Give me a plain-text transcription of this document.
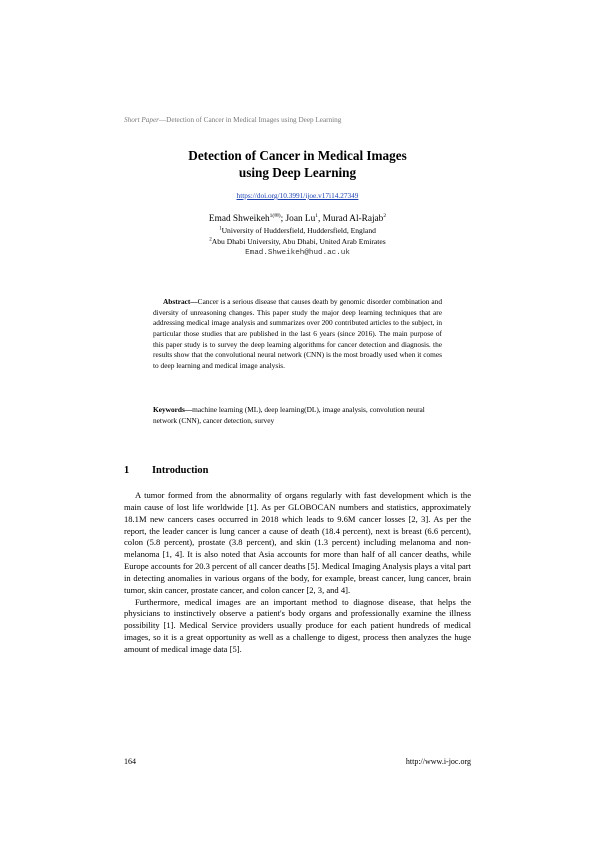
Short Paper—Detection of Cancer in Medical Images using Deep Learning
Detection of Cancer in Medical Images
using Deep Learning
https://doi.org/10.3991/ijoe.v17i14.27349
Emad Shweikeh$^{1(✉)}$; Joan Lu$^1$, Murad Al-Rajab$^2$
$^1$University of Huddersfield, Huddersfield, England
$^2$Abu Dhabi University, Abu Dhabi, United Arab Emirates
Emad.Shweikeh@hud.ac.uk

Abstract—Cancer is a serious disease that causes death by genomic disorder combination and diversity of unreasoning changes. This paper study the major deep learning techniques that are addressing medical image analysis and summarizes over 200 contributed articles to the subject, in particular those studies that are published in the last 6 years (since 2016). The main purpose of this paper study is to survey the deep learning algorithms for cancer detection and diagnosis. the results show that the convolutional neural network (CNN) is the most broadly used when it comes to deep learning and medical image analysis.

Keywords—machine learning (ML), deep learning(DL), image analysis, convolution neural network (CNN), cancer detection, survey
1 Introduction

A tumor formed from the abnormality of organs regularly with fast development which is the main cause of lost life worldwide [1]. As per GLOBOCAN numbers and statistics, approximately 18.1M new cancers cases occurred in 2018 which leads to 9.6M cancer losses [2, 3]. As per the report, the leader cancer is lung cancer a cause of death (18.4 percent), next is breast (6.6 percent), colon (5.8 percent), prostate (3.8 percent), and skin (1.3 percent) including melanoma and non-melanoma [1, 4]. It is also noted that Asia accounts for more than half of all cancer deaths, while Europe accounts for 20.3 percent of all cancer deaths [5]. Medical Imaging Analysis plays a vital part in detecting anomalies in various organs of the body, for example, breast cancer, lung cancer, brain tumor, skin cancer, prostate cancer, and colon cancer [2, 3, and 4].

Furthermore, medical images are an important method to diagnose disease, that helps the physicians to instinctively observe a patient's body organs and professionally examine the illness possibility [1]. Medical Service providers usually produce for each patient hundreds of medical images, so it is a great opportunity as well as a challenge to digest, process then analyzes the huge amount of medical image data [5].

164	http://www.i-joc.org
